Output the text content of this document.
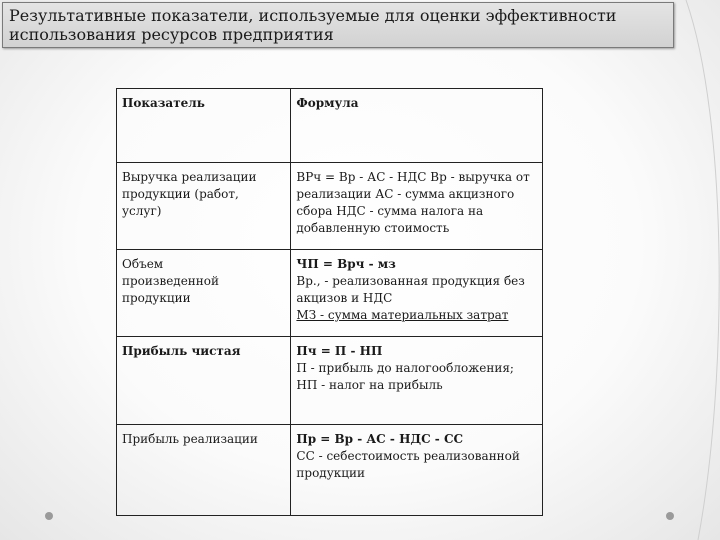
Результативные показатели, используемые для оценки эффективности
использования ресурсов предприятия
Показатель	Формула

Выручка реализации
продукции (работ,
услуг)	ВРч = Вр - АС - НДС Вр - выручка от
реализации АС - сумма акцизного
сбора НДС - сумма налога на
добавленную стоимость

Объем
произведенной
продукции	ЧП = Врч - мз
Вр., - реализованная продукция без
акцизов и НДС
МЗ - сумма материальных затрат

Прибыль чистая	Пч = П - НП
П - прибыль до налогообложения;
НП - налог на прибыль

Прибыль реализации	Пр = Вр - АС - НДС - СС
СС - себестоимость реализованной
продукции
